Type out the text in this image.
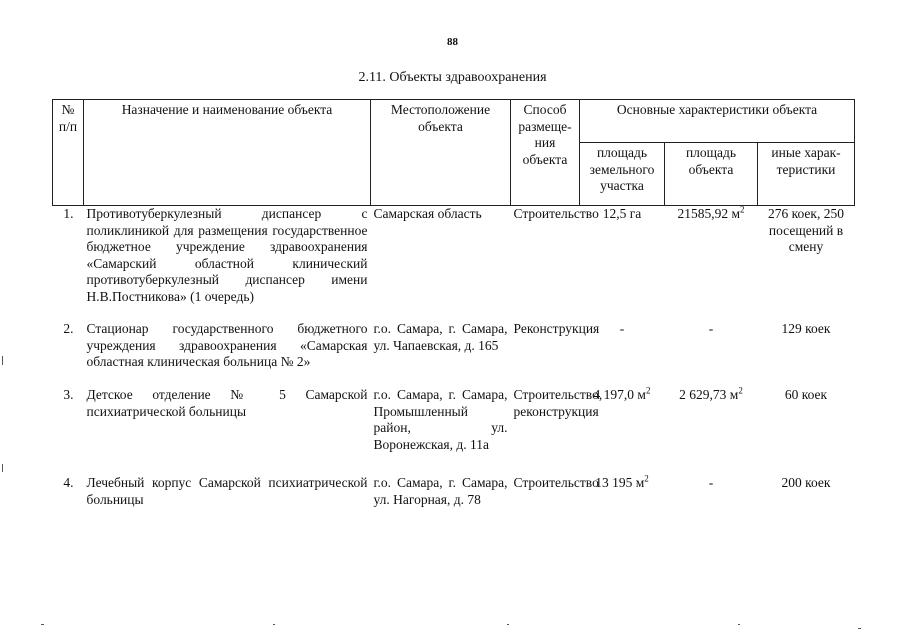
88
2.11. Объекты здравоохранения
№ п/п	Назначение и наименование объекта	Местоположение объекта	Способ размеще-ния объекта	Основные характеристики объекта		
				площадь земельного участка	площадь объекта	иные харак-теристики
1.	Противотуберкулезный диспансер с поликлиникой для размещения государственное бюджетное учреждение здравоохранения «Самарский областной клинический противотуберкулезный диспансер имени Н.В.Постникова» (1 очередь)	Самарская область	Строительство	12,5 га	21585,92 $м^2$	276 коек, 250 посещений в смену
2.	Стационар государственного бюджетного учреждения здравоохранения «Самарская областная клиническая больница № 2»	г.о. Самара, г. Самара, ул. Чапаевская, д. 165	Реконструкция	-	-	129 коек
3.	Детское отделение № 5 Самарской психиатрической больницы	г.о. Самара, г. Самара, Промышленный район, ул. Воронежская, д. 11а	Строительство, реконструкция	4 197,0 $м^2$	2 629,73 $м^2$	60 коек
4.	Лечебный корпус Самарской психиатрической больницы	г.о. Самара, г. Самара, ул. Нагорная, д. 78	Строительство	13 195 $м^2$	-	200 коек
